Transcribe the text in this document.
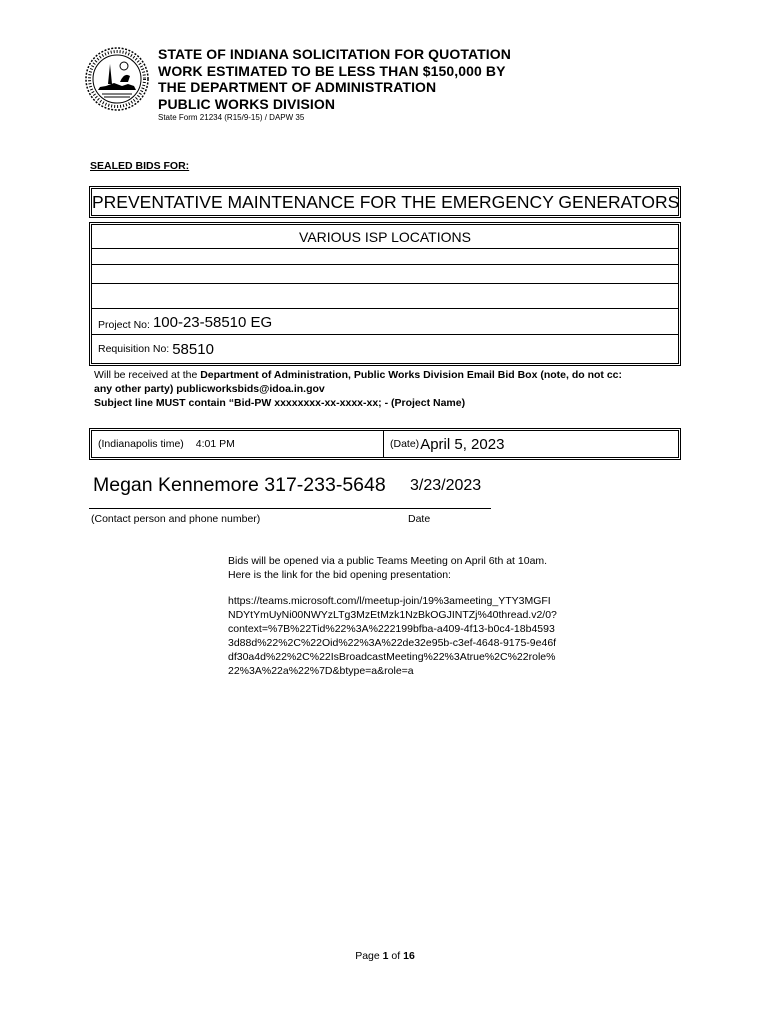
STATE OF INDIANA SOLICITATION FOR QUOTATION
WORK ESTIMATED TO BE LESS THAN $150,000 BY
THE DEPARTMENT OF ADMINISTRATION
PUBLIC WORKS DIVISION
State Form 21234 (R15/9-15) / DAPW 35
SEALED BIDS FOR:
PREVENTATIVE MAINTENANCE FOR THE EMERGENCY GENERATORS
VARIOUS ISP LOCATIONS
Project No: 100-23-58510 EG
Requisition No: 58510
Will be received at the Department of Administration, Public Works Division Email Bid Box (note, do not cc:
any other party) publicworksbids@idoa.in.gov
Subject line MUST contain “Bid-PW xxxxxxxx-xx-xxxx-xx; - (Project Name)
(Indianapolis time) 4:01 PM	(Date) April 5, 2023
Megan Kennemore 317-233-5648 3/23/2023
(Contact person and phone number)	Date
Bids will be opened via a public Teams Meeting on April 6th at 10am. Here is the link for the bid opening presentation:
https://teams.microsoft.com/l/meetup-join/19%3ameeting_YTY3MGFINDYtYmUyNi00NWYzLTg3MzEtMzk1NzBkOGJINTZj%40thread.v2/0?context=%7B%22Tid%22%3A%222199bfba-a409-4f13-b0c4-18b45933d88d%22%2C%22Oid%22%3A%22de32e95b-c3ef-4648-9175-9e46fdf30a4d%22%2C%22IsBroadcastMeeting%22%3Atrue%2C%22role%22%3A%22a%22%7D&btype=a&role=a
Page 1 of 16
